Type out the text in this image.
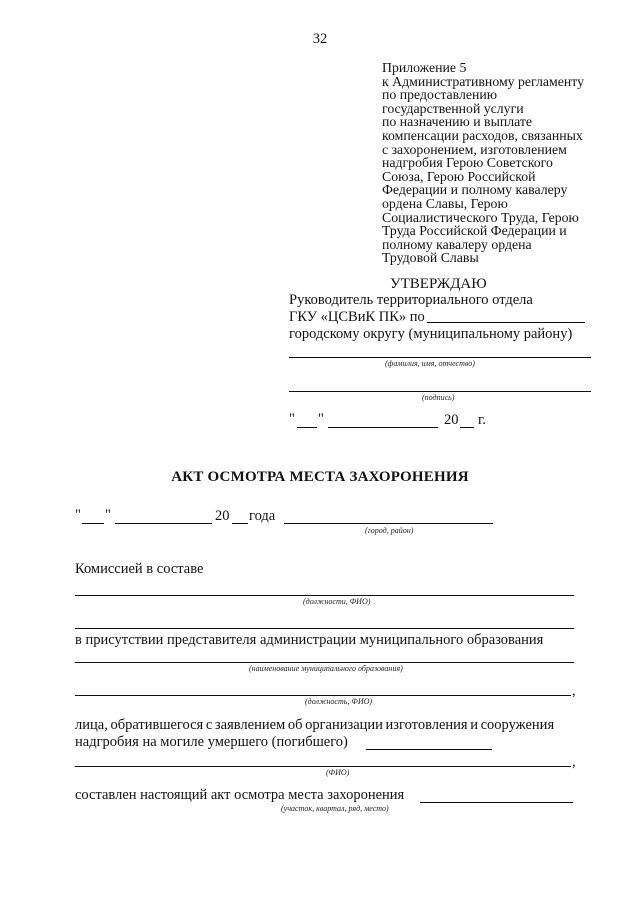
32
Приложение 5
к Административному регламенту
по предоставлению
государственной услуги
по назначению и выплате
компенсации расходов, связанных
с захоронением, изготовлением
надгробия Герою Советского
Союза, Герою Российской
Федерации и полному кавалеру
ордена Славы, Герою
Социалистического Труда, Герою
Труда Российской Федерации и
полному кавалеру ордена
Трудовой Славы
УТВЕРЖДАЮ
Руководитель территориального отдела
ГКУ «ЦСВиК ПК» по
городскому округу (муниципальному району)
(фамилия, имя, отчество)
(подпись)
" "	20 г.
АКТ ОСМОТРА МЕСТА ЗАХОРОНЕНИЯ
" "	20 года
(город, район)
Комиссией в составе
(должности, ФИО)
в присутствии представителя администрации муниципального образования
(наименование муниципального образования)
,
(должность, ФИО)
лица, обратившегося с заявлением об организации изготовления и сооружения
надгробия на могиле умершего (погибшего)
,
(ФИО)
составлен настоящий акт осмотра места захоронения
(участок, квартал, ряд, место)
